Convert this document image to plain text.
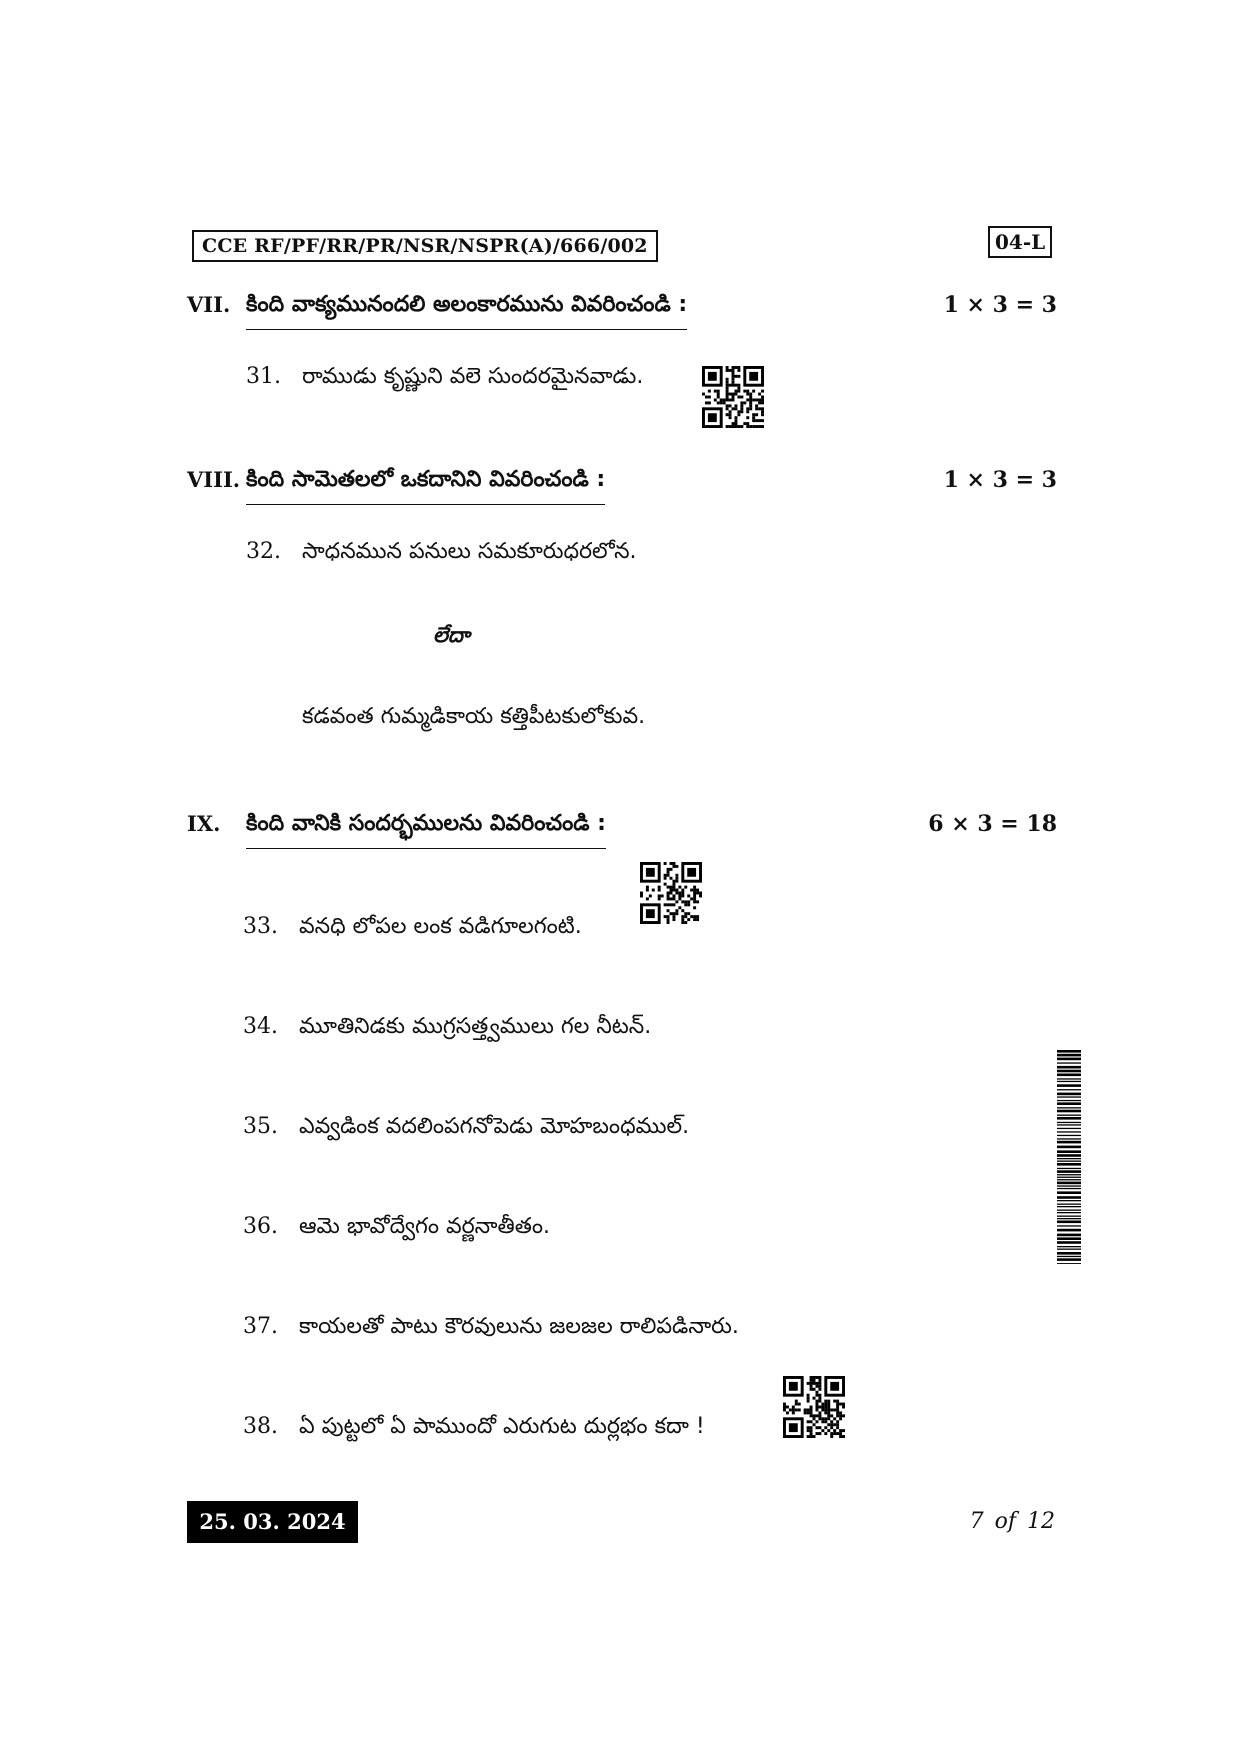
CCE RF/PF/RR/PR/NSR/NSPR(A)/666/002	04-L
VII. కింది వాక్యమునందలి అలంకారమును వివరించండి :	1 × 3 = 3
31. రాముడు కృష్ణుని వలె సుందరమైనవాడు.
VIII. కింది సామెతలలో ఒకదానిని వివరించండి :	1 × 3 = 3
32. సాధనమున పనులు సమకూరుధరలోన.
లేదా
కడవంత గుమ్మడికాయ కత్తిపీటకులోకువ.
IX. కింది వానికి సందర్భములను వివరించండి :	6 × 3 = 18
33. వనధి లోపల లంక వడిగూలగంటి.
34. మూతినిడకు ముగ్రసత్త్వములు గల నీటన్.
35. ఎవ్వడింక వదలింపగనోపెడు మోహబంధముల్.
36. ఆమె భావోద్వేగం వర్ణనాతీతం.
37. కాయలతో పాటు కౌరవులును జలజల రాలిపడినారు.
38. ఏ పుట్టలో ఏ పాముందో ఎరుగుట దుర్లభం కదా !
25. 03. 2024	7 of 12
